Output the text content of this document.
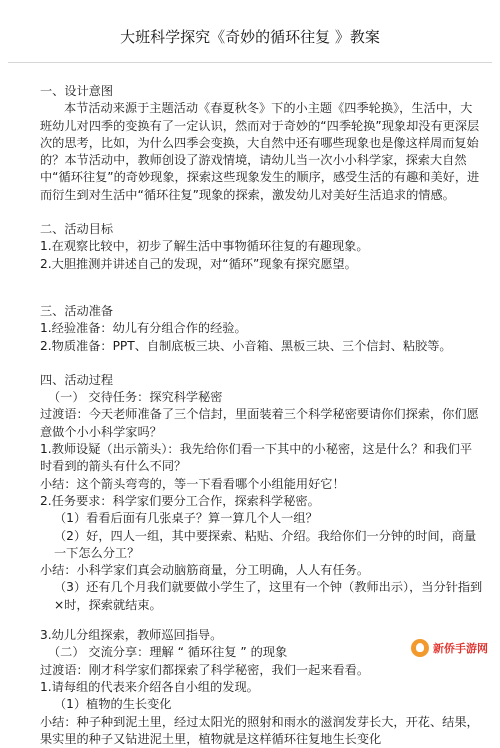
大班科学探究《奇妙的循环往复 》教案

一、设计意图

本节活动来源于主题活动《春夏秋冬》下的小主题《四季轮换》，生活中，大班幼儿对四季的变换有了一定认识，然而对于奇妙的“四季轮换”现象却没有更深层次的思考，比如，为什么四季会变换，大自然中还有哪些现象也是像这样周而复始的？本节活动中，教师创设了游戏情境，请幼儿当一次小小科学家，探索大自然中“循环往复”的奇妙现象，探索这些现象发生的顺序，感受生活的有趣和美好，进而衍生到对生活中“循环往复”现象的探索，激发幼儿对美好生活追求的情感。

二、活动目标

1.在观察比较中，初步了解生活中事物循环往复的有趣现象。

2.大胆推测并讲述自己的发现，对“循环”现象有探究愿望。

三、活动准备

1.经验准备：幼儿有分组合作的经验。

2.物质准备：PPT、自制底板三块、小音箱、黑板三块、三个信封、粘胶等。

四、活动过程

（一） 交待任务：探究科学秘密

过渡语：今天老师准备了三个信封，里面装着三个科学秘密要请你们探索，你们愿意做个小小科学家吗？

1.教师设疑（出示箭头）：我先给你们看一下其中的小秘密，这是什么？和我们平时看到的箭头有什么不同？

小结：这个箭头弯弯的，等一下看看哪个小组能用好它！

2.任务要求：科学家们要分工合作，探索科学秘密。

（1）看看后面有几张桌子？算一算几个人一组？

（2）好，四人一组，其中要探索、粘贴、介绍。我给你们一分钟的时间，商量一下怎么分工？

小结：小科学家们真会动脑筋商量，分工明确，人人有任务。

（3）还有几个月我们就要做小学生了，这里有一个钟（教师出示），当分针指到×时，探索就结束。

3.幼儿分组探索，教师巡回指导。

（二） 交流分享：理解 “ 循环往复 ” 的现象

过渡语：刚才科学家们都探索了科学秘密，我们一起来看看。

1.请每组的代表来介绍各自小组的发现。

（1）植物的生长变化

小结：种子种到泥土里，经过太阳光的照射和雨水的滋润发芽长大，开花、结果，果实里的种子又钻进泥土里，植物就是这样循环往复地生长变化

新侨手游网
